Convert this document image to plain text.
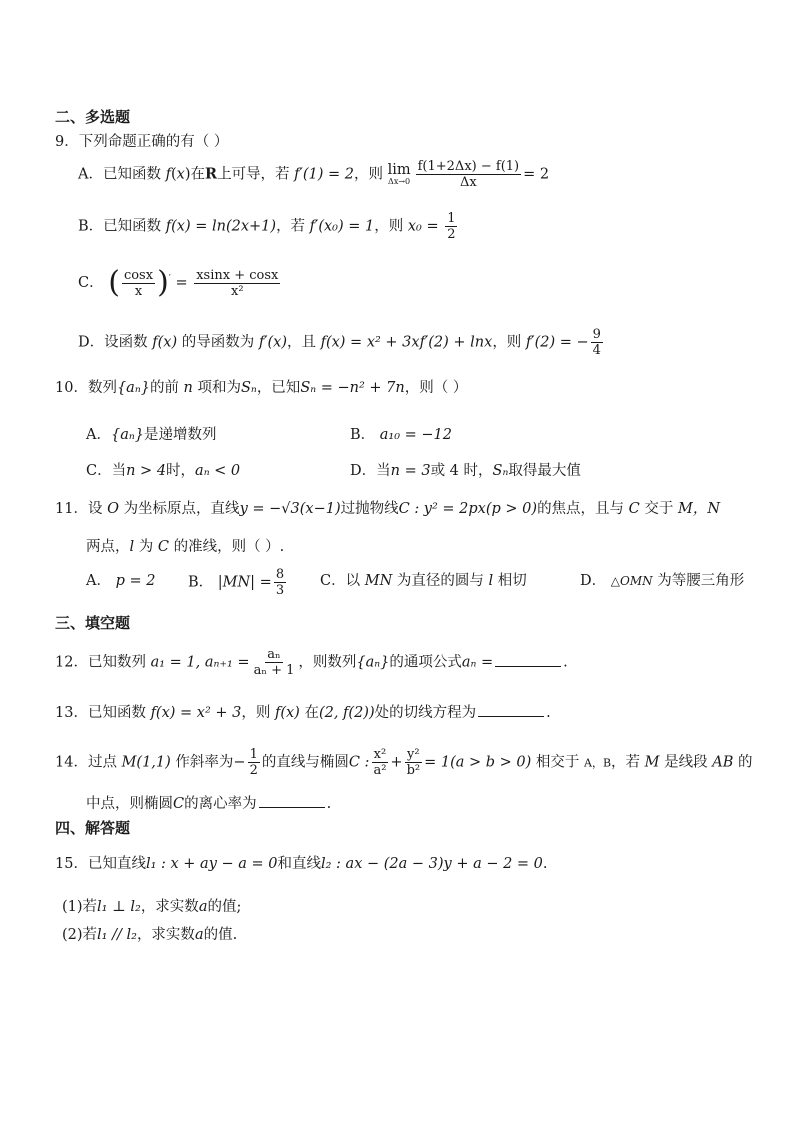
二、多选题
9．下列命题正确的有（ ）
A．已知函数 f(x)在R上可导，若 f′(1) = 2，则 lim
$\Delta x\to 0 \frac{f(1+2\Delta x) - f(1)}{\Delta x} = 2$
B．已知函数 f(x) = ln(2x+1)，若 f′(x₀) = 1，则 $x_0 = \frac{1}{2}$
C． ( $\frac{\cos x}{x} )' = \frac{xsinx + \cos x}{\text{x²}}$
D．设函数 f(x) 的导函数为 f′(x)，且 f(x) = x² + 3xf′(2) + lnx，则 f′(2) = − $\frac{9}{4}$
10．数列{aₙ}的前 n 项和为Sₙ，已知Sₙ = −n² + 7n，则（ ）
A．{aₙ}是递增数列	B． a₁₀ = −12
C．当n > 4时，aₙ < 0	D．当n = 3或 4 时，Sₙ取得最大值
11．设 O 为坐标原点，直线y = −√3(x−1)过抛物线C : y² = 2px(p > 0)的焦点，且与 C 交于 M，N
两点，l 为 C 的准线，则（ ）.
A． p = 2 B． $|MN| = \frac{8}{3}$ C．以 MN 为直径的圆与 l 相切	D． △OMN 为等腰三角形
三、填空题
12．已知数列 a₁ = 1, $a_{n+1} = \frac{\text{aₙ}}{\text{aₙ + 1}}$ ，则数列{aₙ}的通项公式aₙ =	.
13．已知函数 f(x) = x² + 3，则 f(x) 在(2, f(2))处的切线方程为	.
14．过点 M(1,1) 作斜率为− $\frac{1}{2}$ 的直线与椭圆C : $\frac{\text{x²}}{\text{a²}} + \frac{\text{y²}}{\text{b²}} = 1(a > b > 0)$ 相交于 A，B，若 M 是线段 AB 的
中点，则椭圆C的离心率为	.
四、解答题
15．已知直线l₁ : x + ay − a = 0和直线l₂ : ax − (2a − 3)y + a − 2 = 0.
(1)若l₁ ⊥ l₂，求实数a的值;
(2)若l₁ // l₂，求实数a的值.
